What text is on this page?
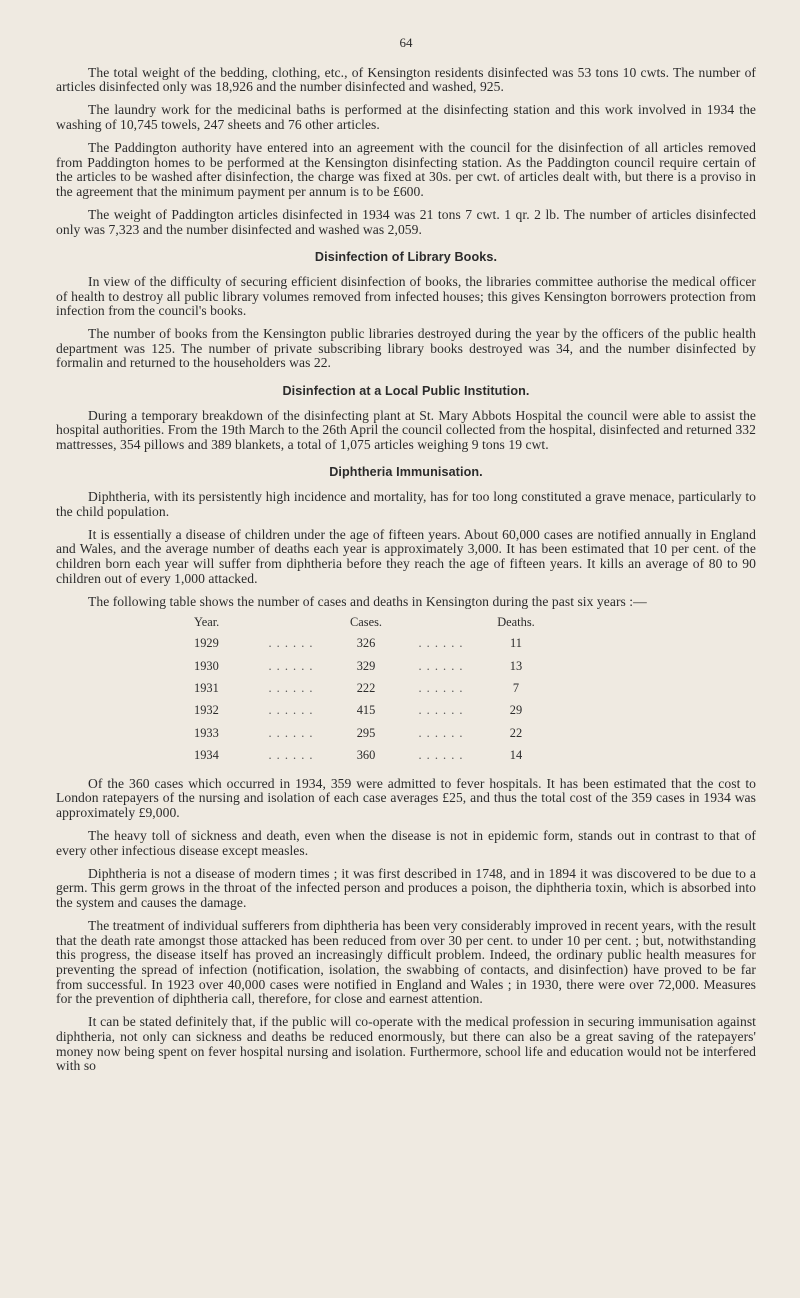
64

The total weight of the bedding, clothing, etc., of Kensington residents disinfected was 53 tons 10 cwts. The number of articles disinfected only was 18,926 and the number disinfected and washed, 925.

The laundry work for the medicinal baths is performed at the disinfecting station and this work involved in 1934 the washing of 10,745 towels, 247 sheets and 76 other articles.

The Paddington authority have entered into an agreement with the council for the disinfection of all articles removed from Paddington homes to be performed at the Kensington disinfecting station. As the Paddington council require certain of the articles to be washed after disinfection, the charge was fixed at 30s. per cwt. of articles dealt with, but there is a proviso in the agreement that the minimum payment per annum is to be £600.

The weight of Paddington articles disinfected in 1934 was 21 tons 7 cwt. 1 qr. 2 lb. The number of articles disinfected only was 7,323 and the number disinfected and washed was 2,059.

Disinfection of Library Books.

In view of the difficulty of securing efficient disinfection of books, the libraries committee authorise the medical officer of health to destroy all public library volumes removed from infected houses; this gives Kensington borrowers protection from infection from the council's books.

The number of books from the Kensington public libraries destroyed during the year by the officers of the public health department was 125. The number of private subscribing library books destroyed was 34, and the number disinfected by formalin and returned to the householders was 22.

Disinfection at a Local Public Institution.

During a temporary breakdown of the disinfecting plant at St. Mary Abbots Hospital the council were able to assist the hospital authorities. From the 19th March to the 26th April the council collected from the hospital, disinfected and returned 332 mattresses, 354 pillows and 389 blankets, a total of 1,075 articles weighing 9 tons 19 cwt.

Diphtheria Immunisation.

Diphtheria, with its persistently high incidence and mortality, has for too long constituted a grave menace, particularly to the child population.

It is essentially a disease of children under the age of fifteen years. About 60,000 cases are notified annually in England and Wales, and the average number of deaths each year is approximately 3,000. It has been estimated that 10 per cent. of the children born each year will suffer from diphtheria before they reach the age of fifteen years. It kills an average of 80 to 90 children out of every 1,000 attacked.

The following table shows the number of cases and deaths in Kensington during the past six years :—

Year.		Cases.		Deaths.
1929	. . . . . .	326	. . . . . .	11
1930	. . . . . .	329	. . . . . .	13
1931	. . . . . .	222	. . . . . .	7
1932	. . . . . .	415	. . . . . .	29
1933	. . . . . .	295	. . . . . .	22
1934	. . . . . .	360	. . . . . .	14

Of the 360 cases which occurred in 1934, 359 were admitted to fever hospitals. It has been estimated that the cost to London ratepayers of the nursing and isolation of each case averages £25, and thus the total cost of the 359 cases in 1934 was approximately £9,000.

The heavy toll of sickness and death, even when the disease is not in epidemic form, stands out in contrast to that of every other infectious disease except measles.

Diphtheria is not a disease of modern times ; it was first described in 1748, and in 1894 it was discovered to be due to a germ. This germ grows in the throat of the infected person and produces a poison, the diphtheria toxin, which is absorbed into the system and causes the damage.

The treatment of individual sufferers from diphtheria has been very considerably improved in recent years, with the result that the death rate amongst those attacked has been reduced from over 30 per cent. to under 10 per cent. ; but, notwithstanding this progress, the disease itself has proved an increasingly difficult problem. Indeed, the ordinary public health measures for preventing the spread of infection (notification, isolation, the swabbing of contacts, and disinfection) have proved to be far from successful. In 1923 over 40,000 cases were notified in England and Wales ; in 1930, there were over 72,000. Measures for the prevention of diphtheria call, therefore, for close and earnest attention.

It can be stated definitely that, if the public will co-operate with the medical profession in securing immunisation against diphtheria, not only can sickness and deaths be reduced enormously, but there can also be a great saving of the ratepayers' money now being spent on fever hospital nursing and isolation. Furthermore, school life and education would not be interfered with so
